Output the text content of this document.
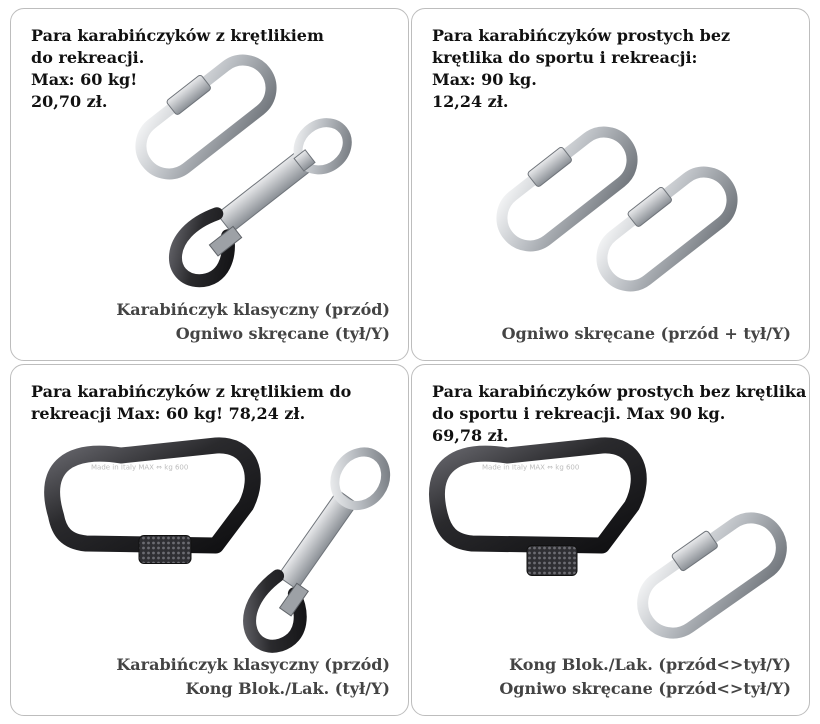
Para karabińczyków z krętlikiem
do rekreacji.
Max: 60 kg!
20,70 zł.
Karabińczyk klasyczny (przód)
Ogniwo skręcane (tył/Y)
Para karabińczyków prostych bez
krętlika do sportu i rekreacji:
Max: 90 kg.
12,24 zł.
Ogniwo skręcane (przód + tył/Y)
Made in Italy MAX ⇔ kg 600
Para karabińczyków z krętlikiem do
rekreacji Max: 60 kg! 78,24 zł.
Karabińczyk klasyczny (przód)
Kong Blok./Lak. (tył/Y)
Made in Italy MAX ⇔ kg 600
Para karabińczyków prostych bez krętlika
do sportu i rekreacji. Max 90 kg.
69,78 zł.
Kong Blok./Lak. (przód<>tył/Y)
Ogniwo skręcane (przód<>tył/Y)
